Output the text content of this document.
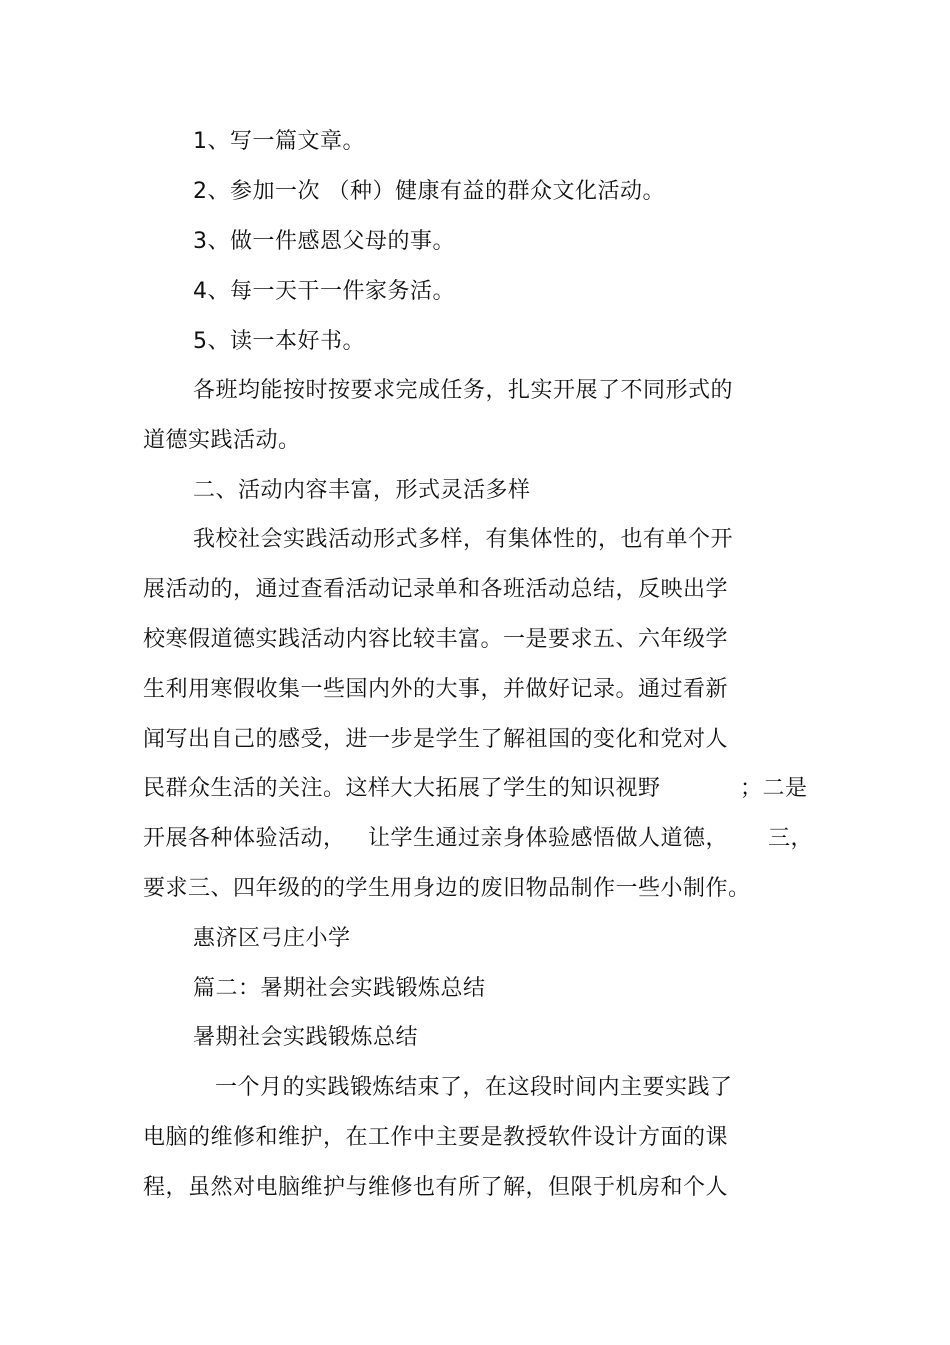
1、写一篇文章。
2、参加一次 （种）健康有益的群众文化活动。
3、做一件感恩父母的事。
4、每一天干一件家务活。
5、读一本好书。
各班均能按时按要求完成任务，扎实开展了不同形式的
道德实践活动。
二、活动内容丰富，形式灵活多样
我校社会实践活动形式多样，有集体性的，也有单个开
展活动的，通过查看活动记录单和各班活动总结，反映出学
校寒假道德实践活动内容比较丰富。一是要求五、六年级学
生利用寒假收集一些国内外的大事，并做好记录。通过看新
闻写出自己的感受，进一步是学生了解祖国的变化和党对人
民群众生活的关注。这样大大拓展了学生的知识视野	；二是
开展各种体验活动， 让学生通过亲身体验感悟做人道德， 三，
要求三、四年级的的学生用身边的废旧物品制作一些小制作。
惠济区弓庄小学
篇二：暑期社会实践锻炼总结
暑期社会实践锻炼总结
一个月的实践锻炼结束了，在这段时间内主要实践了
电脑的维修和维护，在工作中主要是教授软件设计方面的课
程，虽然对电脑维护与维修也有所了解，但限于机房和个人
